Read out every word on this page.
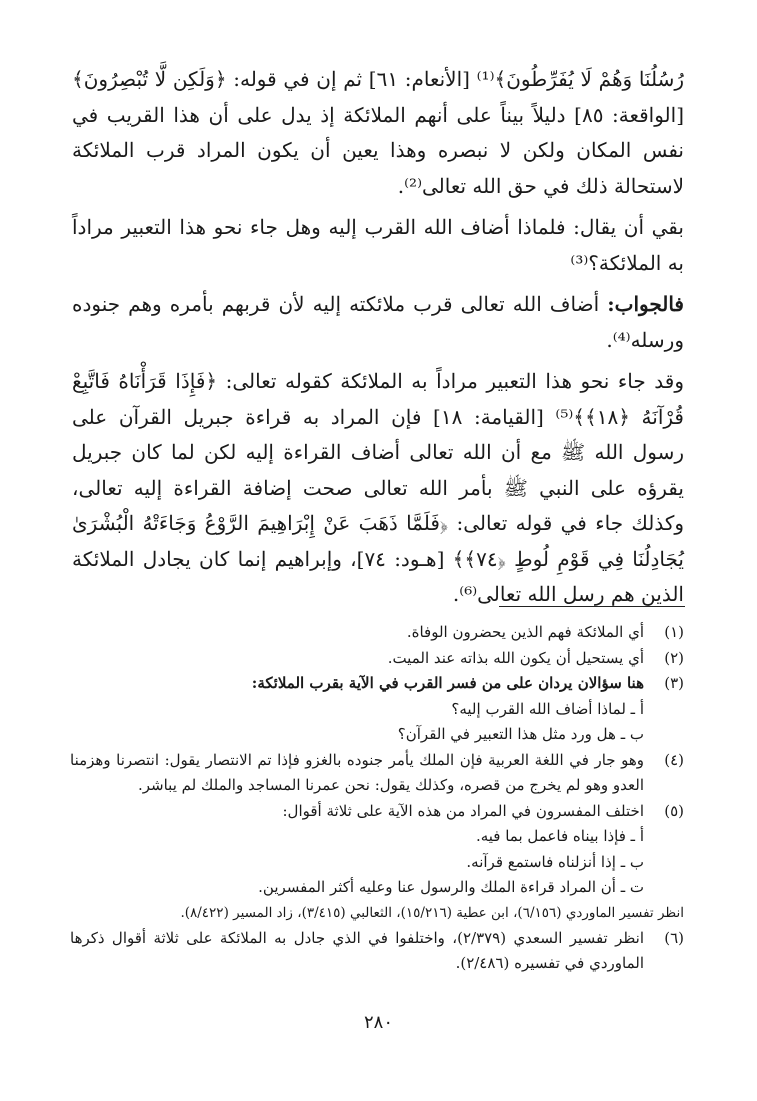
رُسُلُنَا وَهُمْ لَا يُفَرِّطُونَ﴾⁽¹⁾ [الأنعام: ٦١] ثم إن في قوله: ﴿وَلَكِن لَّا تُبْصِرُونَ﴾ [الواقعة: ٨٥] دليلاً بيناً على أنهم الملائكة إذ يدل على أن هذا القريب في نفس المكان ولكن لا نبصره وهذا يعين أن يكون المراد قرب الملائكة لاستحالة ذلك في حق الله تعالى⁽²⁾.

بقي أن يقال: فلماذا أضاف الله القرب إليه وهل جاء نحو هذا التعبير مراداً به الملائكة؟⁽³⁾

فالجواب: أضاف الله تعالى قرب ملائكته إليه لأن قربهم بأمره وهم جنوده ورسله⁽⁴⁾.

وقد جاء نحو هذا التعبير مراداً به الملائكة كقوله تعالى: ﴿فَإِذَا قَرَأْنَاهُ فَاتَّبِعْ قُرْآنَهُ ﴿١٨﴾﴾⁽⁵⁾ [القيامة: ١٨] فإن المراد به قراءة جبريل القرآن على رسول الله ﷺ مع أن الله تعالى أضاف القراءة إليه لكن لما كان جبريل يقرؤه على النبي ﷺ بأمر الله تعالى صحت إضافة القراءة إليه تعالى، وكذلك جاء في قوله تعالى: ﴿فَلَمَّا ذَهَبَ عَنْ إِبْرَاهِيمَ الرَّوْعُ وَجَاءَتْهُ الْبُشْرَىٰ يُجَادِلُنَا فِي قَوْمِ لُوطٍ ﴿٧٤﴾﴾ [هـود: ٧٤]، وإبراهيم إنما كان يجادل الملائكة الذين هم رسل الله تعالى⁽⁶⁾.

(١)
أي الملائكة فهم الذين يحضرون الوفاة.
(٢)
أي يستحيل أن يكون الله بذاته عند الميت.
(٣)
هنا سؤالان يردان على من فسر القرب في الآية بقرب الملائكة:
أ ـ لماذا أضاف الله القرب إليه؟
ب ـ هل ورد مثل هذا التعبير في القرآن؟
(٤)
وهو جار في اللغة العربية فإن الملك يأمر جنوده بالغزو فإذا تم الانتصار يقول: انتصرنا وهزمنا العدو وهو لم يخرج من قصره، وكذلك يقول: نحن عمرنا المساجد والملك لم يباشر.
(٥)
اختلف المفسرون في المراد من هذه الآية على ثلاثة أقوال:
أ ـ فإذا بيناه فاعمل بما فيه.
ب ـ إذا أنزلناه فاستمع قرآنه.
ت ـ أن المراد قراءة الملك والرسول عنا وعليه أكثر المفسرين.
انظر تفسير الماوردي (٦/١٥٦)، ابن عطية (١٥/٢١٦)، الثعالبي (٣/٤١٥)، زاد المسير (٨/٤٢٢).
(٦)
انظر تفسير السعدي (٢/٣٧٩)، واختلفوا في الذي جادل به الملائكة على ثلاثة أقوال ذكرها الماوردي في تفسيره (٢/٤٨٦).
٢٨٠
